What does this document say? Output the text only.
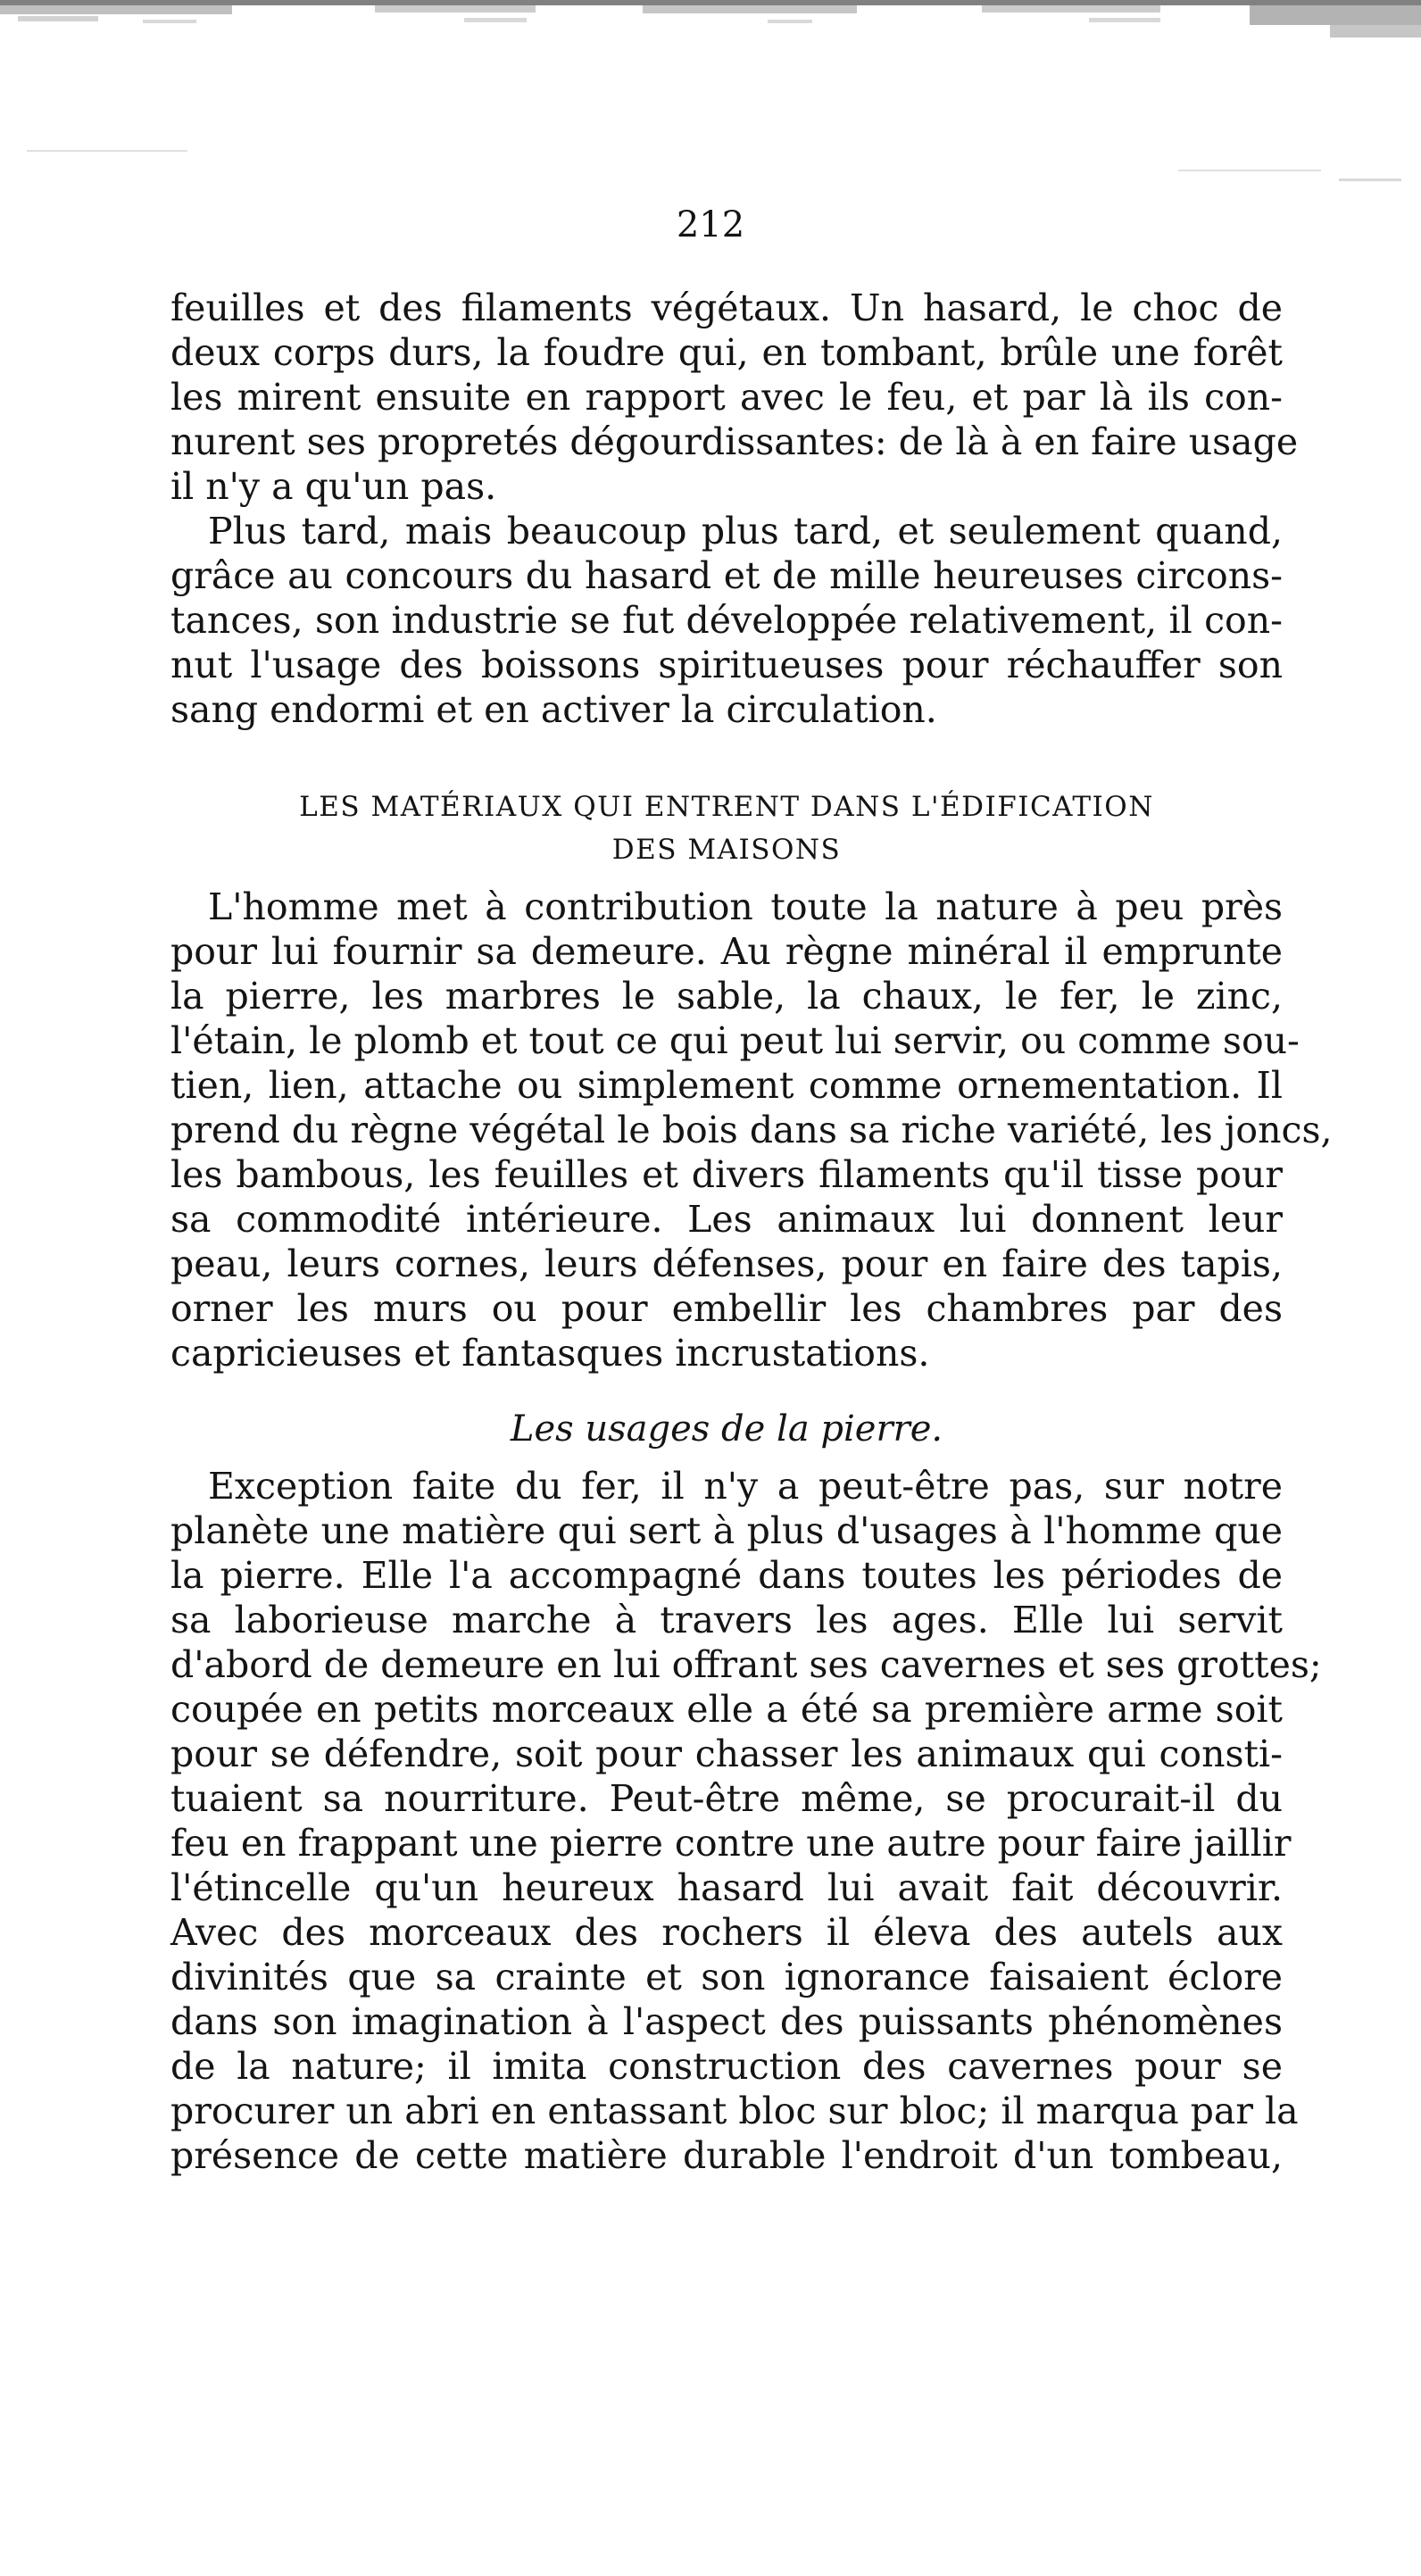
212

feuilles et des filaments végétaux. Un hasard, le choc de
deux corps durs, la foudre qui, en tombant, brûle une forêt
les mirent ensuite en rapport avec le feu, et par là ils con-
nurent ses propretés dégourdissantes: de là à en faire usage
il n'y a qu'un pas.

Plus tard, mais beaucoup plus tard, et seulement quand,
grâce au concours du hasard et de mille heureuses circons-
tances, son industrie se fut développée relativement, il con-
nut l'usage des boissons spiritueuses pour réchauffer son
sang endormi et en activer la circulation.

LES MATÉRIAUX QUI ENTRENT DANS L'ÉDIFICATION
DES MAISONS

L'homme met à contribution toute la nature à peu près
pour lui fournir sa demeure. Au règne minéral il emprunte
la pierre, les marbres le sable, la chaux, le fer, le zinc,
l'étain, le plomb et tout ce qui peut lui servir, ou comme sou-
tien, lien, attache ou simplement comme ornementation. Il
prend du règne végétal le bois dans sa riche variété, les joncs,
les bambous, les feuilles et divers filaments qu'il tisse pour
sa commodité intérieure. Les animaux lui donnent leur
peau, leurs cornes, leurs défenses, pour en faire des tapis,
orner les murs ou pour embellir les chambres par des
capricieuses et fantasques incrustations.

Les usages de la pierre.

Exception faite du fer, il n'y a peut-être pas, sur notre
planète une matière qui sert à plus d'usages à l'homme que
la pierre. Elle l'a accompagné dans toutes les périodes de
sa laborieuse marche à travers les ages. Elle lui servit
d'abord de demeure en lui offrant ses cavernes et ses grottes;
coupée en petits morceaux elle a été sa première arme soit
pour se défendre, soit pour chasser les animaux qui consti-
tuaient sa nourriture. Peut-être même, se procurait-il du
feu en frappant une pierre contre une autre pour faire jaillir
l'étincelle qu'un heureux hasard lui avait fait découvrir.
Avec des morceaux des rochers il éleva des autels aux
divinités que sa crainte et son ignorance faisaient éclore
dans son imagination à l'aspect des puissants phénomènes
de la nature; il imita construction des cavernes pour se
procurer un abri en entassant bloc sur bloc; il marqua par la
présence de cette matière durable l'endroit d'un tombeau,
